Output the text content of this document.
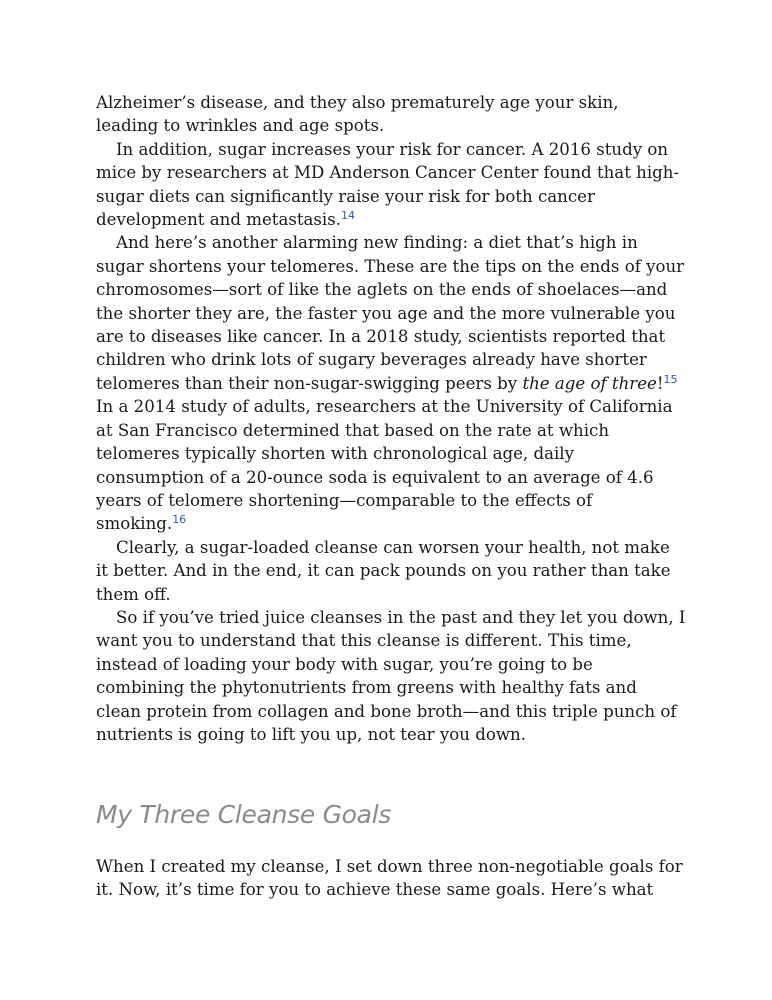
Alzheimer’s disease, and they also prematurely age your skin, leading to wrinkles and age spots.

In addition, sugar increases your risk for cancer. A 2016 study on mice by researchers at MD Anderson Cancer Center found that high-sugar diets can significantly raise your risk for both cancer development and metastasis.$^{14}$

And here’s another alarming new finding: a diet that’s high in sugar shortens your telomeres. These are the tips on the ends of your chromosomes—sort of like the aglets on the ends of shoelaces—and the shorter they are, the faster you age and the more vulnerable you are to diseases like cancer. In a 2018 study, scientists reported that children who drink lots of sugary beverages already have shorter telomeres than their non-sugar-swigging peers by the age of three!$^{15}$ In a 2014 study of adults, researchers at the University of California at San Francisco determined that based on the rate at which telomeres typically shorten with chronological age, daily consumption of a 20-ounce soda is equivalent to an average of 4.6 years of telomere shortening—comparable to the effects of smoking.$^{16}$

Clearly, a sugar-loaded cleanse can worsen your health, not make it better. And in the end, it can pack pounds on you rather than take them off.

So if you’ve tried juice cleanses in the past and they let you down, I want you to understand that this cleanse is different. This time, instead of loading your body with sugar, you’re going to be combining the phytonutrients from greens with healthy fats and clean protein from collagen and bone broth—and this triple punch of nutrients is going to lift you up, not tear you down.

My Three Cleanse Goals

When I created my cleanse, I set down three non-negotiable goals for it. Now, it’s time for you to achieve these same goals. Here’s what
